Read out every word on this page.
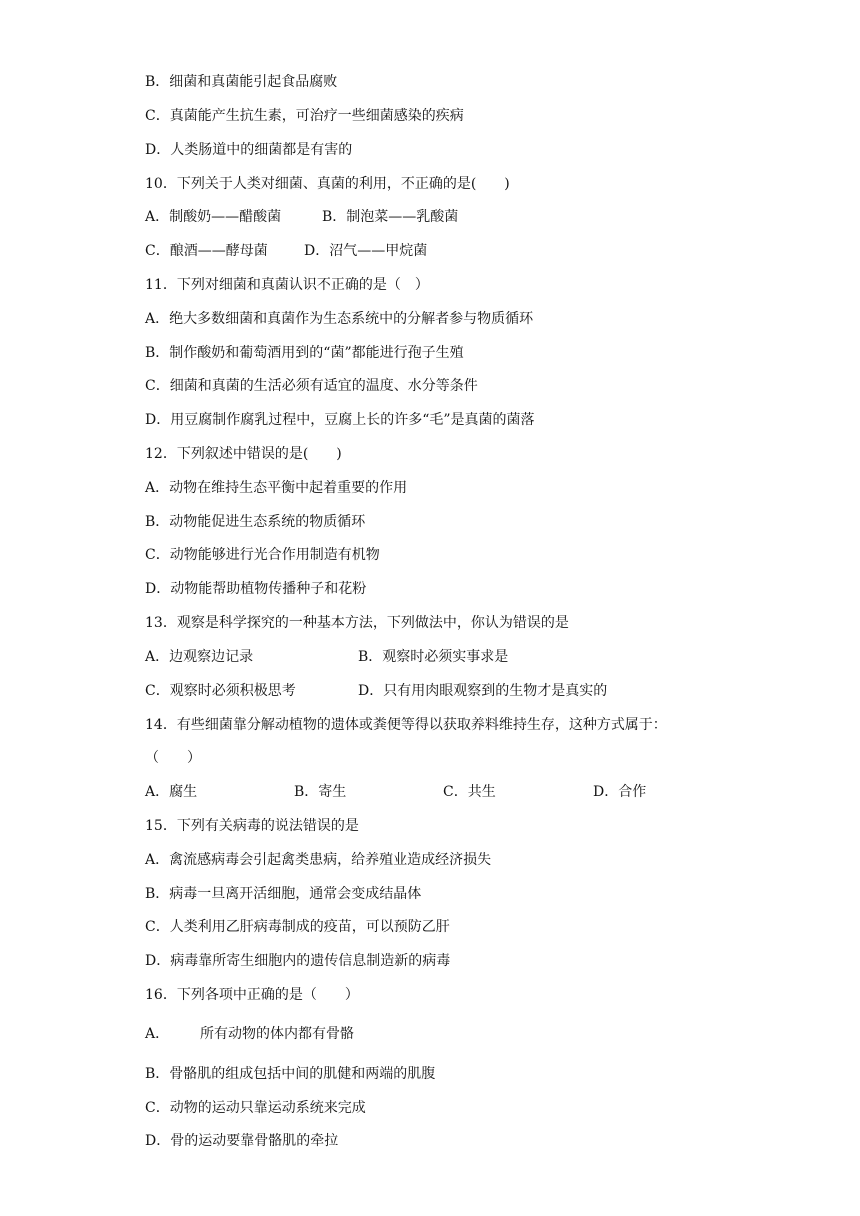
B．细菌和真菌能引起食品腐败
C．真菌能产生抗生素，可治疗一些细菌感染的疾病
D．人类肠道中的细菌都是有害的
10．下列关于人类对细菌、真菌的利用，不正确的是(　　)
A．制酸奶——醋酸菌	B．制泡菜——乳酸菌
C．酿酒——酵母菌	D．沼气——甲烷菌
11．下列对细菌和真菌认识不正确的是（　）
A．绝大多数细菌和真菌作为生态系统中的分解者参与物质循环
B．制作酸奶和葡萄酒用到的“菌”都能进行孢子生殖
C．细菌和真菌的生活必须有适宜的温度、水分等条件
D．用豆腐制作腐乳过程中，豆腐上长的许多“毛”是真菌的菌落
12．下列叙述中错误的是(　　)
A．动物在维持生态平衡中起着重要的作用
B．动物能促进生态系统的物质循环
C．动物能够进行光合作用制造有机物
D．动物能帮助植物传播种子和花粉
13．观察是科学探究的一种基本方法，下列做法中，你认为错误的是
A．边观察边记录	B．观察时必须实事求是
C．观察时必须积极思考	D．只有用肉眼观察到的生物才是真实的
14．有些细菌靠分解动植物的遗体或粪便等得以获取养料维持生存，这种方式属于：
（　　）
A．腐生	B．寄生	C．共生	D．合作
15．下列有关病毒的说法错误的是
A．禽流感病毒会引起禽类患病，给养殖业造成经济损失
B．病毒一旦离开活细胞，通常会变成结晶体
C．人类利用乙肝病毒制成的疫苗，可以预防乙肝
D．病毒靠所寄生细胞内的遗传信息制造新的病毒
16．下列各项中正确的是（　　）
A． 所有动物的体内都有骨骼
B．骨骼肌的组成包括中间的肌健和两端的肌腹
C．动物的运动只靠运动系统来完成
D．骨的运动要靠骨骼肌的牵拉
